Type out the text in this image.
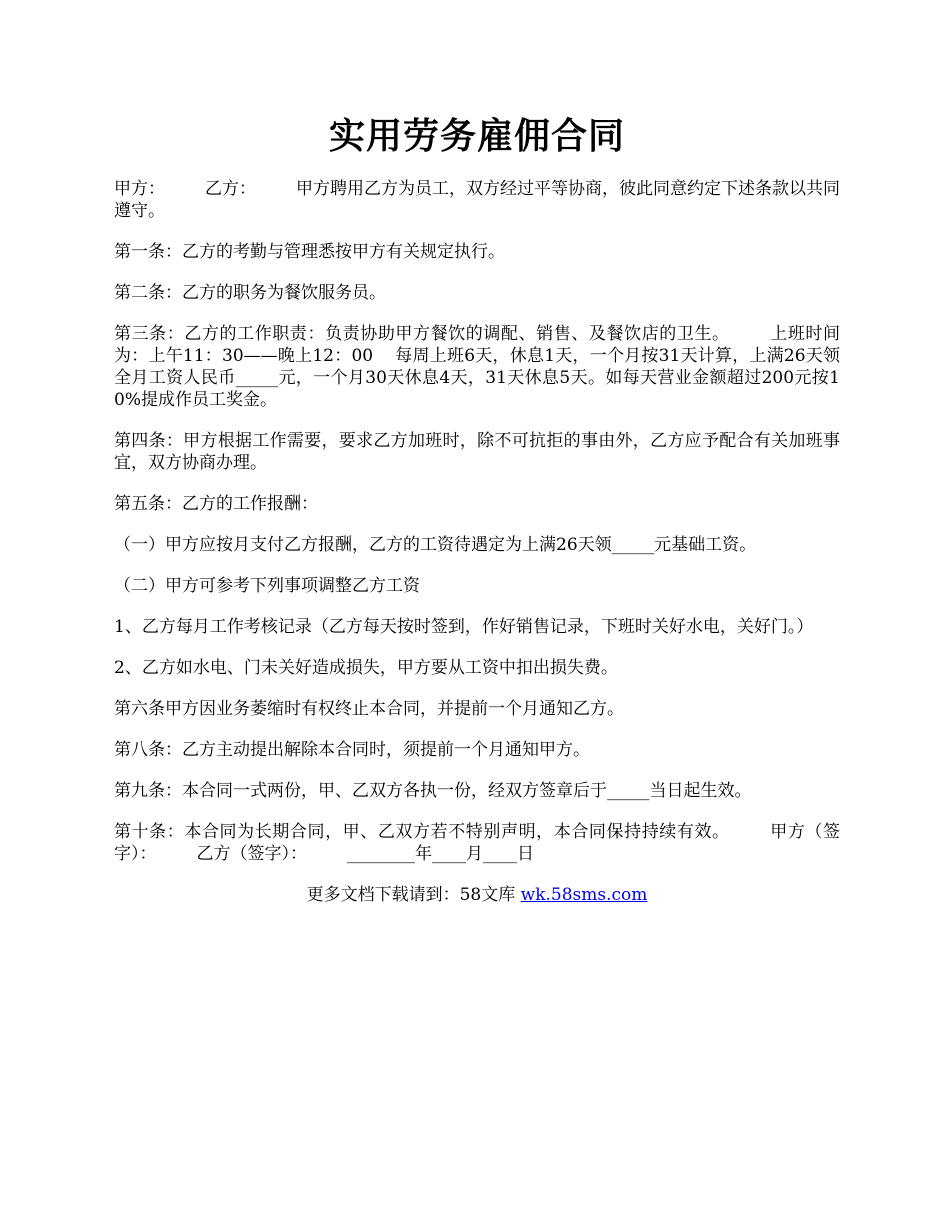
实用劳务雇佣合同

甲方： 乙方： 甲方聘用乙方为员工，双方经过平等协商，彼此同意约定下述条款以共同遵守。

第一条：乙方的考勤与管理悉按甲方有关规定执行。

第二条：乙方的职务为餐饮服务员。

第三条：乙方的工作职责：负责协助甲方餐饮的调配、销售、及餐饮店的卫生。 上班时间为：上午11：30——晚上12：00 每周上班6天，休息1天，一个月按31天计算，上满26天领全月工资人民币_____元，一个月30天休息4天，31天休息5天。如每天营业金额超过200元按10%提成作员工奖金。

第四条：甲方根据工作需要，要求乙方加班时，除不可抗拒的事由外，乙方应予配合有关加班事宜，双方协商办理。

第五条：乙方的工作报酬：

（一）甲方应按月支付乙方报酬，乙方的工资待遇定为上满26天领_____元基础工资。

（二）甲方可参考下列事项调整乙方工资

1、乙方每月工作考核记录（乙方每天按时签到，作好销售记录，下班时关好水电，关好门。）

2、乙方如水电、门未关好造成损失，甲方要从工资中扣出损失费。

第六条甲方因业务萎缩时有权终止本合同，并提前一个月通知乙方。

第八条：乙方主动提出解除本合同时，须提前一个月通知甲方。

第九条：本合同一式两份，甲、乙双方各执一份，经双方签章后于_____当日起生效。

第十条：本合同为长期合同，甲、乙双方若不特别声明，本合同保持持续有效。 甲方（签字）： 乙方（签字）： ________年____月____日

更多文档下载请到：58文库 wk.58sms.com
